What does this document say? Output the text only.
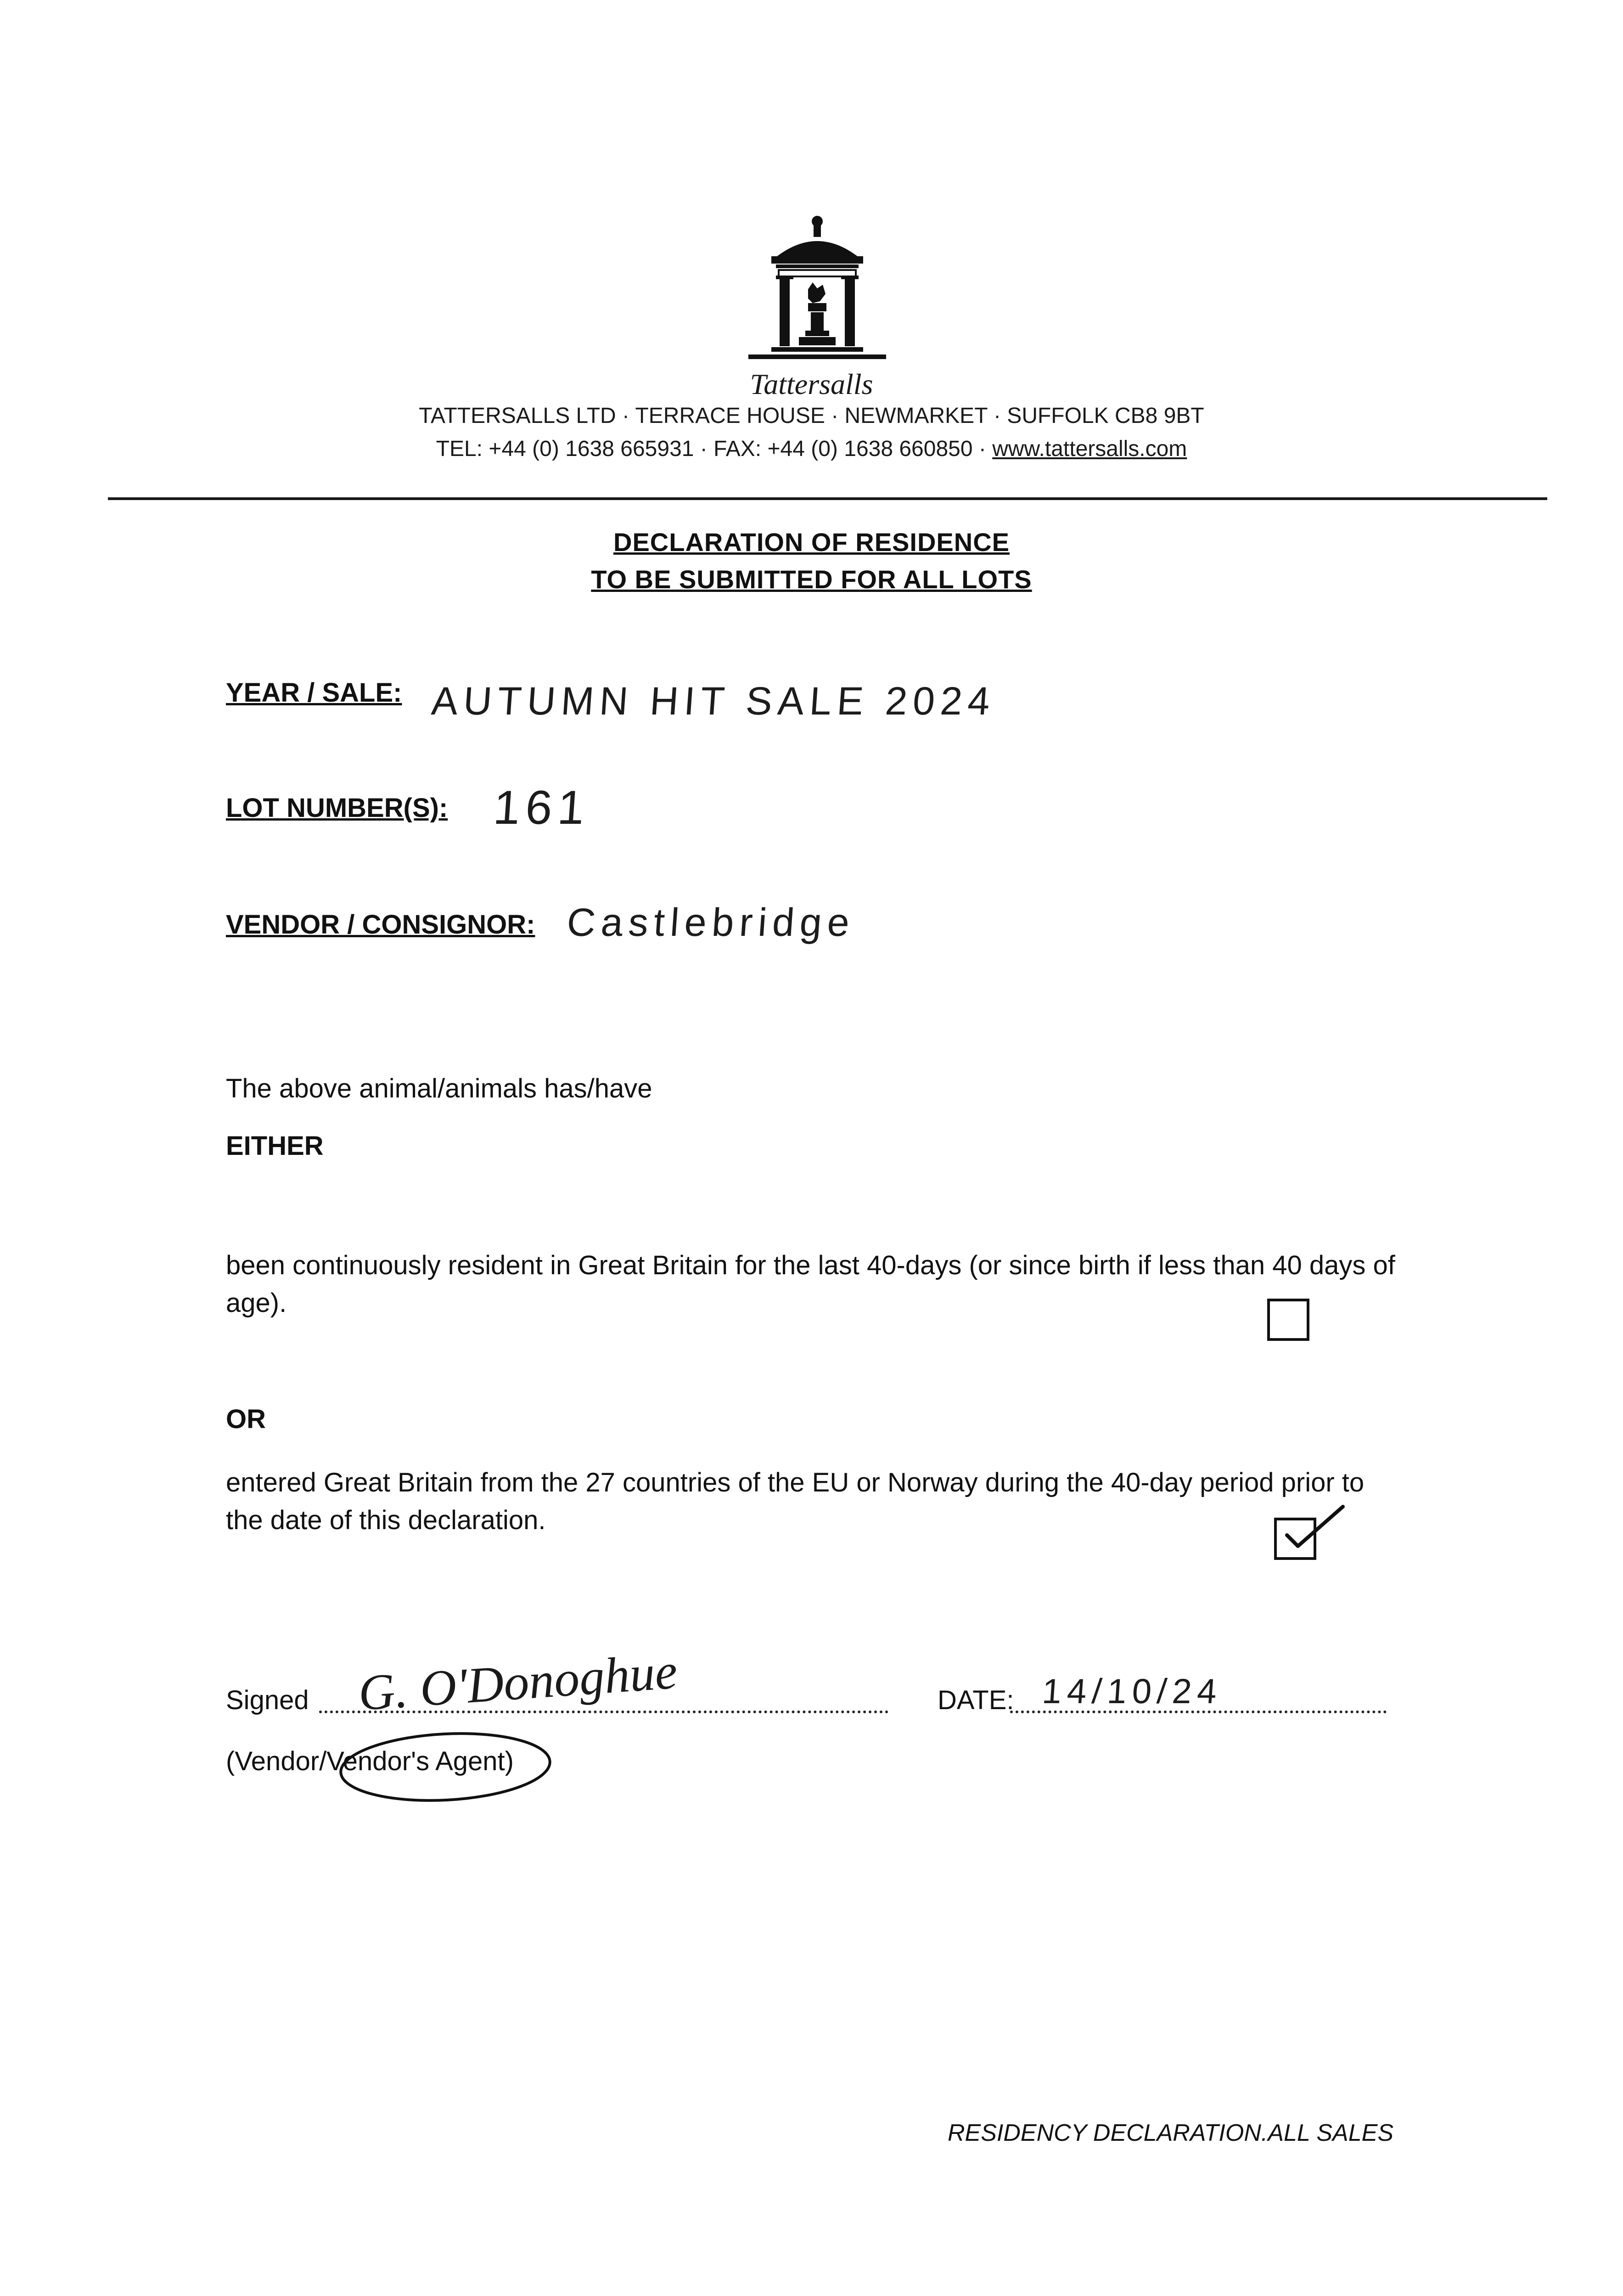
Tattersalls
TATTERSALLS LTD · TERRACE HOUSE · NEWMARKET · SUFFOLK CB8 9BT
TEL: +44 (0) 1638 665931 · FAX: +44 (0) 1638 660850 · www.tattersalls.com
DECLARATION OF RESIDENCE
TO BE SUBMITTED FOR ALL LOTS
YEAR / SALE: AUTUMN HIT SALE 2024
LOT NUMBER(S): 161
VENDOR / CONSIGNOR: Castlebridge
The above animal/animals has/have
EITHER
been continuously resident in Great Britain for the last 40-days (or since birth if less than 40 days of age).
OR
entered Great Britain from the 27 countries of the EU or Norway during the 40-day period prior to the date of this declaration.
Signed G. O'Donoghue	DATE: 14/10/24
(Vendor/Vendor's Agent)
RESIDENCY DECLARATION.ALL SALES
